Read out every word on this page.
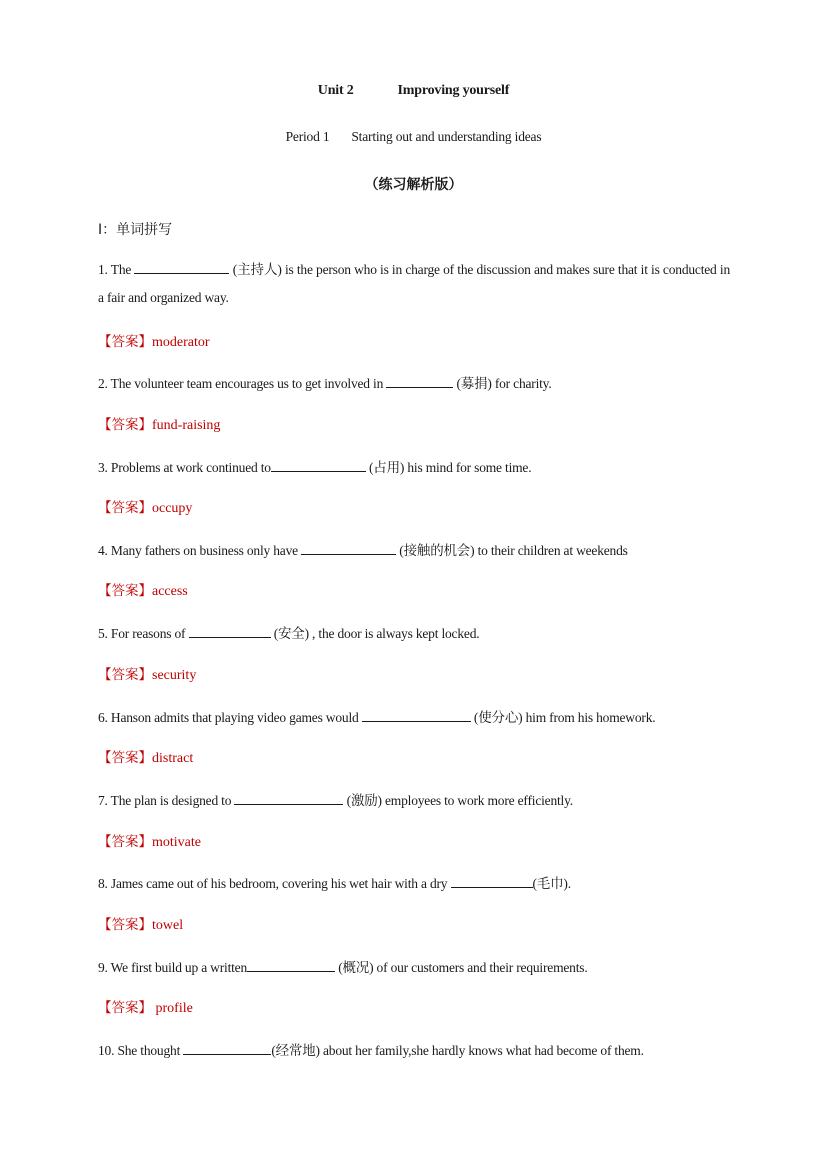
Unit 2	Improving yourself
Period 1 Starting out and understanding ideas
（练习解析版）
I：单词拼写
1. The	(主持人) is the person who is in charge of the discussion and makes sure that it is conducted in a fair and organized way.
【答案】moderator
2. The volunteer team encourages us to get involved in	(募捐) for charity.
【答案】fund-raising
3. Problems at work continued to	(占用) his mind for some time.
【答案】occupy
4. Many fathers on business only have	(接触的机会) to their children at weekends
【答案】access
5. For reasons of	(安全) , the door is always kept locked.
【答案】security
6. Hanson admits that playing video games would	(使分心) him from his homework.
【答案】distract
7. The plan is designed to	(激励) employees to work more efficiently.
【答案】motivate
8. James came out of his bedroom, covering his wet hair with a dry	(毛巾).
【答案】towel
9. We first build up a written	(概况) of our customers and their requirements.
【答案】 profile
10. She thought	(经常地) about her family,she hardly knows what had become of them.
